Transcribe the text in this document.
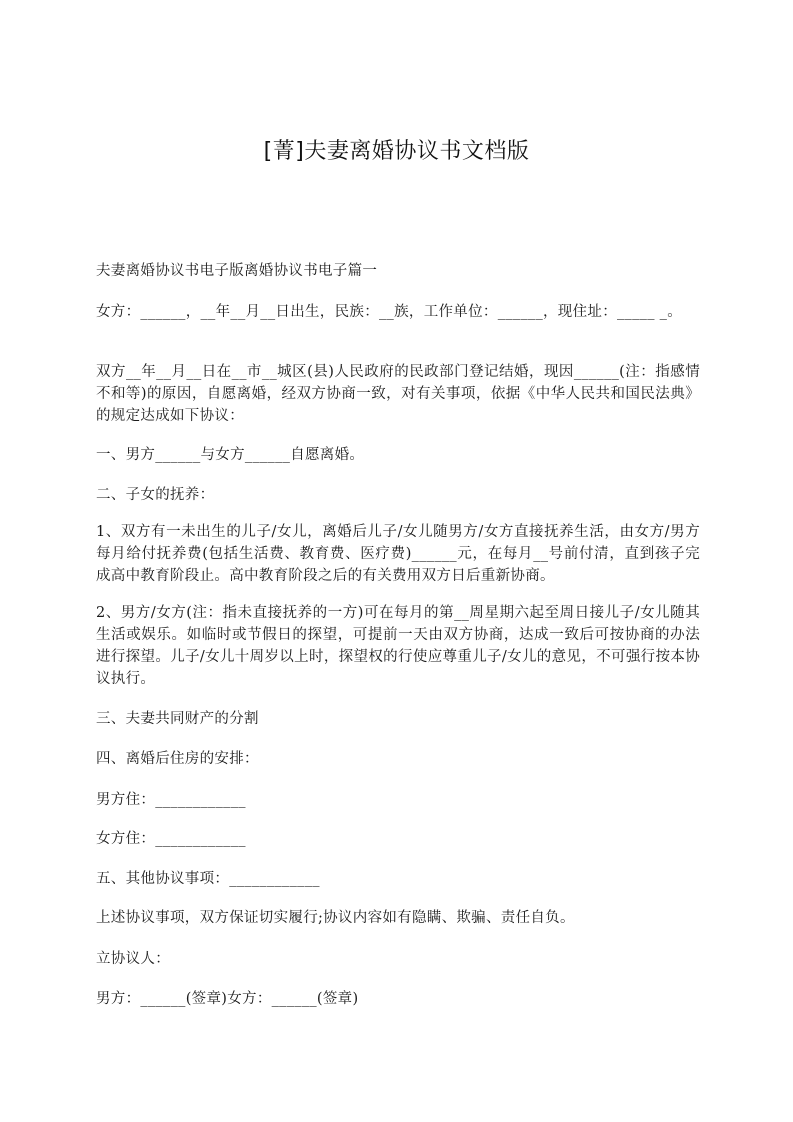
[菁]夫妻离婚协议书文档版

夫妻离婚协议书电子版离婚协议书电子篇一

女方：______，__年__月__日出生，民族：__族，工作单位：______，现住址：_____ _。

双方__年__月__日在__市__城区(县)人民政府的民政部门登记结婚，现因______(注：指感情不和等)的原因，自愿离婚，经双方协商一致，对有关事项，依据《中华人民共和国民法典》的规定达成如下协议：

一、男方______与女方______自愿离婚。

二、子女的抚养：

1、双方有一未出生的儿子/女儿，离婚后儿子/女儿随男方/女方直接抚养生活，由女方/男方每月给付抚养费(包括生活费、教育费、医疗费)______元，在每月__号前付清，直到孩子完成高中教育阶段止。高中教育阶段之后的有关费用双方日后重新协商。

2、男方/女方(注：指未直接抚养的一方)可在每月的第__周星期六起至周日接儿子/女儿随其生活或娱乐。如临时或节假日的探望，可提前一天由双方协商，达成一致后可按协商的办法进行探望。儿子/女儿十周岁以上时，探望权的行使应尊重儿子/女儿的意见，不可强行按本协议执行。

三、夫妻共同财产的分割

四、离婚后住房的安排：

男方住：____________

女方住：____________

五、其他协议事项：____________

上述协议事项，双方保证切实履行;协议内容如有隐瞒、欺骗、责任自负。

立协议人：

男方：______(签章)女方：______(签章)
